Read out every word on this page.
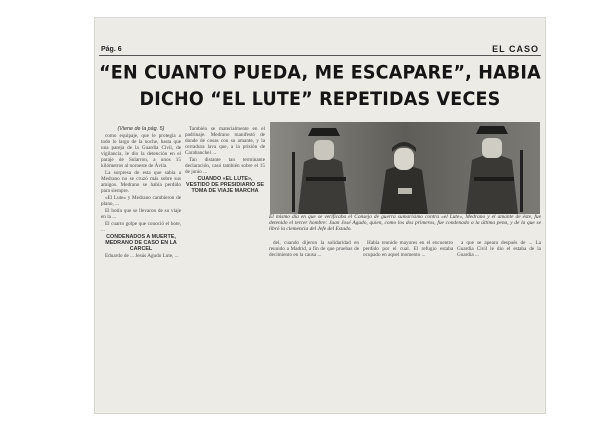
Pág. 6	EL CASO
“EN CUANTO PUEDA, ME ESCAPARE”, HABIA
DICHO “EL LUTE” REPETIDAS VECES

(Viene de la pág. 5)

como equipaje, que le protegía a todo lo largo de la noche, hasta que una pareja de la Guardia Civil, de vigilancia, le dio la detención en el paraje de Sularron, a unos 15 kilómetros al noroeste de Ávila.

La sorpresa de esta que sabía a Medrano no se cruzó más sobre sus amigos. Medrano se había perdido para siempre.

«El Lute» y Medrano cambieron de plano, ...

El botín que se llevaron de su viaje en la ...

El cuarto golpe que conoció el bote, ...

CONDENADOS A MUERTE, MEDRANO DE CASO EN LA CARCEL

Eduardo de ... Jesús Agudo Lute, ...

También se materialmente en el padrinaje. Medrano manifestó de donde de cosas con su amante, y la cerradura lava que, a la prisión de Carabanchel ...

Tan distante tan terminante declaración, casó también sobre el 15 de junio ...

CUANDO «EL LUTE», VESTIDO DE PRESIDIARIO SE TOMA DE VIAJE MARCHA

El mismo día en que se verificaba el Consejo de guerra sumarísimo contra «el Lute», Medrano y el amante de éste, fue detenido el tercer hombre: Juan José Agudo, quien, como los dos primeros, fue condenado a la última pena, y de la que se libró la clemencia del Jefe del Estado.

del, cuando dijeron la solidaridad en reunido a Madrid, a fin de que pruebas de decimiento en la causa ...

Había reunido mayores en el encuentro perdido por el cual. El refugio estaba ocupado en aquel momento ...

a que se apeara después de ... La Guardia Civil le dio el estaba de la Guardia ...
